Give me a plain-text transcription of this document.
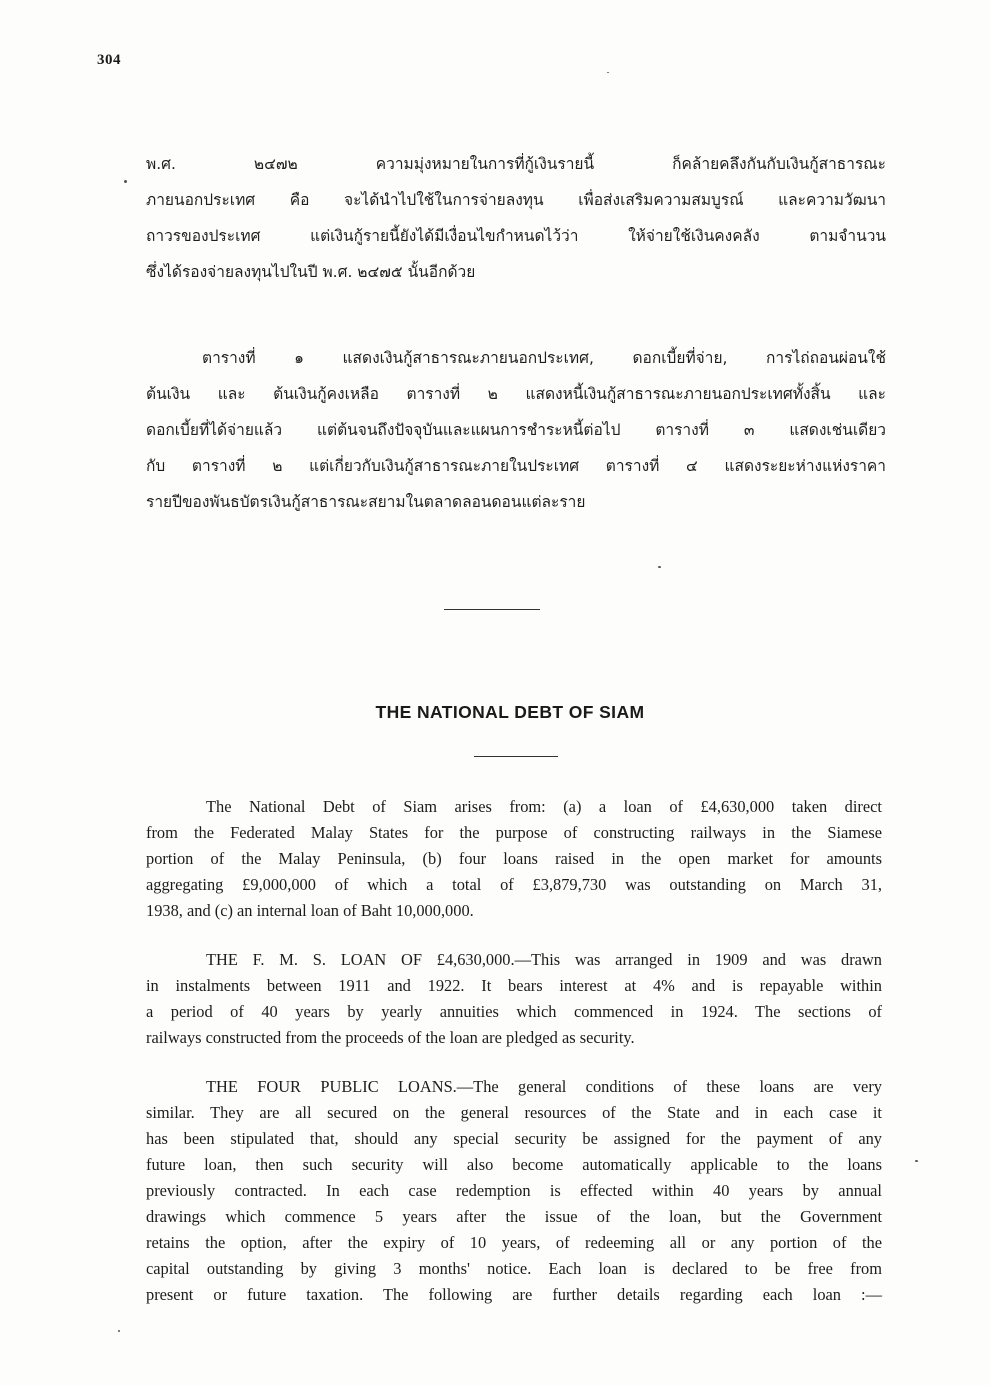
304
พ.ศ. ๒๔๗๒ ความมุ่งหมายในการที่กู้เงินรายนี้ ก็คล้ายคลึงกันกับเงินกู้สาธารณะ
ภายนอกประเทศ คือ จะได้นำไปใช้ในการจ่ายลงทุน เพื่อส่งเสริมความสมบูรณ์ และความวัฒนา
ถาวรของประเทศ แต่เงินกู้รายนี้ยังได้มีเงื่อนไขกำหนดไว้ว่า ให้จ่ายใช้เงินคงคลัง ตามจำนวน
ซึ่งได้รองจ่ายลงทุนไปในปี พ.ศ. ๒๔๗๕ นั้นอีกด้วย
ตารางที่ ๑ แสดงเงินกู้สาธารณะภายนอกประเทศ, ดอกเบี้ยที่จ่าย, การไถ่ถอนผ่อนใช้
ต้นเงิน และ ต้นเงินกู้คงเหลือ ตารางที่ ๒ แสดงหนี้เงินกู้สาธารณะภายนอกประเทศทั้งสิ้น และ
ดอกเบี้ยที่ได้จ่ายแล้ว แต่ต้นจนถึงปัจจุบันและแผนการชำระหนี้ต่อไป ตารางที่ ๓ แสดงเช่นเดียว
กับ ตารางที่ ๒ แต่เกี่ยวกับเงินกู้สาธารณะภายในประเทศ ตารางที่ ๔ แสดงระยะห่างแห่งราคา
รายปีของพันธบัตรเงินกู้สาธารณะสยามในตลาดลอนดอนแต่ละราย
THE NATIONAL DEBT OF SIAM
The National Debt of Siam arises from: (a) a loan of £4,630,000 taken direct
from the Federated Malay States for the purpose of constructing railways in the Siamese
portion of the Malay Peninsula, (b) four loans raised in the open market for amounts
aggregating £9,000,000 of which a total of £3,879,730 was outstanding on March 31,
1938, and (c) an internal loan of Baht 10,000,000.
THE F. M. S. LOAN OF £4,630,000.—This was arranged in 1909 and was drawn
in instalments between 1911 and 1922. It bears interest at 4% and is repayable within
a period of 40 years by yearly annuities which commenced in 1924. The sections of
railways constructed from the proceeds of the loan are pledged as security.
THE FOUR PUBLIC LOANS.—The general conditions of these loans are very
similar. They are all secured on the general resources of the State and in each case it
has been stipulated that, should any special security be assigned for the payment of any
future loan, then such security will also become automatically applicable to the loans
previously contracted. In each case redemption is effected within 40 years by annual
drawings which commence 5 years after the issue of the loan, but the Government
retains the option, after the expiry of 10 years, of redeeming all or any portion of the
capital outstanding by giving 3 months' notice. Each loan is declared to be free from
present or future taxation. The following are further details regarding each loan :—
